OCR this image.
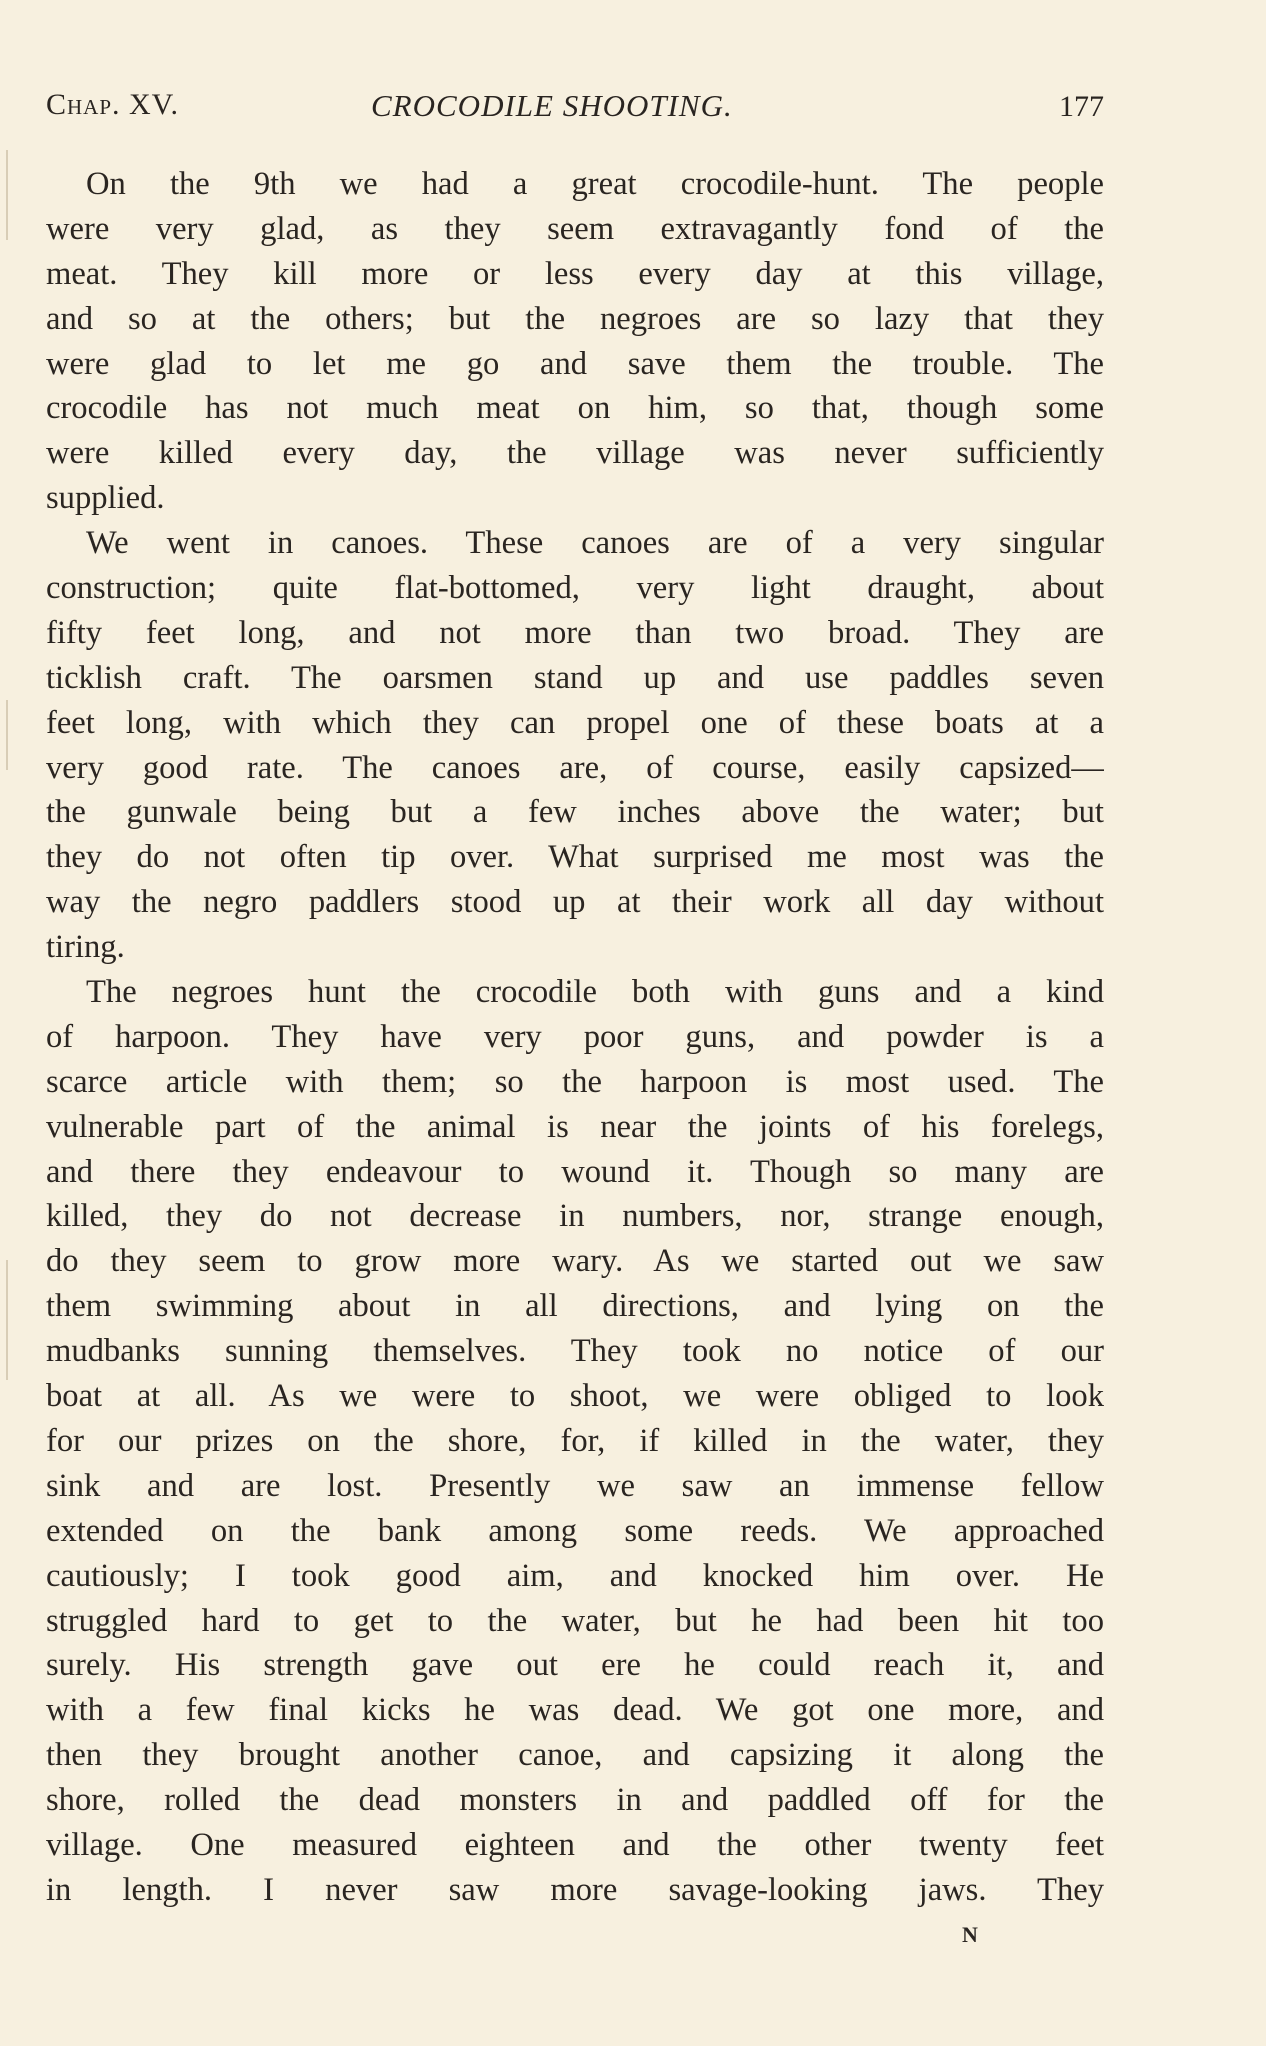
Chap. XV.	CROCODILE SHOOTING.	177
On the 9th we had a great crocodile-hunt. The people
were very glad, as they seem extravagantly fond of the
meat. They kill more or less every day at this village,
and so at the others; but the negroes are so lazy that they
were glad to let me go and save them the trouble. The
crocodile has not much meat on him, so that, though some
were killed every day, the village was never sufficiently
supplied.
We went in canoes. These canoes are of a very singular
construction; quite flat-bottomed, very light draught, about
fifty feet long, and not more than two broad. They are
ticklish craft. The oarsmen stand up and use paddles seven
feet long, with which they can propel one of these boats at a
very good rate. The canoes are, of course, easily capsized—
the gunwale being but a few inches above the water; but
they do not often tip over. What surprised me most was the
way the negro paddlers stood up at their work all day without
tiring.
The negroes hunt the crocodile both with guns and a kind
of harpoon. They have very poor guns, and powder is a
scarce article with them; so the harpoon is most used. The
vulnerable part of the animal is near the joints of his forelegs,
and there they endeavour to wound it. Though so many are
killed, they do not decrease in numbers, nor, strange enough,
do they seem to grow more wary. As we started out we saw
them swimming about in all directions, and lying on the
mudbanks sunning themselves. They took no notice of our
boat at all. As we were to shoot, we were obliged to look
for our prizes on the shore, for, if killed in the water, they
sink and are lost. Presently we saw an immense fellow
extended on the bank among some reeds. We approached
cautiously; I took good aim, and knocked him over. He
struggled hard to get to the water, but he had been hit too
surely. His strength gave out ere he could reach it, and
with a few final kicks he was dead. We got one more, and
then they brought another canoe, and capsizing it along the
shore, rolled the dead monsters in and paddled off for the
village. One measured eighteen and the other twenty feet
in length. I never saw more savage-looking jaws. They
N
